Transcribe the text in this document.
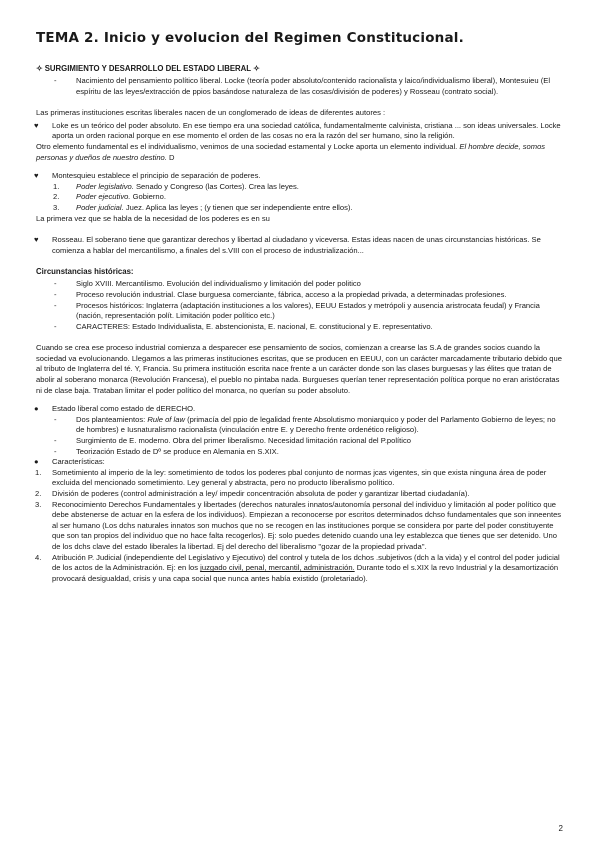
TEMA 2. Inicio y evolucion del Regimen Constitucional.

✧ SURGIMIENTO Y DESARROLLO DEL ESTADO LIBERAL ✧

-	Nacimiento del pensamiento político liberal. Locke (teoría poder absoluto/contenido racionalista y laico/individualismo liberal), Montesuieu (El espíritu de las leyes/extracción de ppios basándose naturaleza de las cosas/división de poderes) y Rosseau (contrato social).

Las primeras instituciones escritas liberales nacen de un conglomerado de ideas de diferentes autores :

♥ Loke es un teórico del poder absoluto. En ese tiempo era una sociedad católica, fundamentalmente calvinista, cristiana ... son ideas universales. Locke aporta un orden racional porque en ese momento el orden de las cosas no era la razón del ser humano, sino la religión.

Otro elemento fundamental es el individualismo, venimos de una sociedad estamental y Locke aporta un elemento individual. El hombre decide, somos personas y dueños de nuestro destino. D

♥ Montesquieu establece el principio de separación de poderes.
1. Poder legislativo. Senado y Congreso (las Cortes). Crea las leyes.
2. Poder ejecutivo. Gobierno.
3. Poder judicial. Juez. Aplica las leyes ; (y tienen que ser independiente entre ellos).

La primera vez que se habla de la necesidad de los poderes es en su

♥ Rosseau. El soberano tiene que garantizar derechos y libertad al ciudadano y viceversa. Estas ideas nacen de unas circunstancias históricas. Se comienza a hablar del mercantilismo, a finales del s.VIII con el proceso de industrialización...

Circunstancias históricas:

-	Siglo XVIII. Mercantilismo. Evolución del individualismo y limitación del poder politico
-	Proceso revolución industrial. Clase burguesa comerciante, fábrica, acceso a la propiedad privada, a determinadas profesiones.
-	Procesos históricos: Inglaterra (adaptación instituciones a los valores), EEUU Estados y metrópoli y ausencia aristrocata feudal) y Francia (nación, representación polít. Limitación poder político etc.)
-	CARACTERES: Estado Individualista, E. abstencionista, E. nacional, E. constitucional y E. representativo.

Cuando se crea ese proceso industrial comienza a desparecer ese pensamiento de socios, comienzan a crearse las S.A de grandes socios cuando la sociedad va evolucionando. Llegamos a las primeras instituciones escritas, que se producen en EEUU, con un carácter marcadamente tributario debido que al tributo de Inglaterra del té. Y, Francia. Su primera institución escrita nace frente a un carácter donde son las clases burguesas y las élites que tratan de abolir al soberano monarca (Revolución Francesa), el pueblo no pintaba nada. Burgueses querían tener representación política porque no eran aristócratas ni de clase baja. Trataban limitar el poder político del monarca, no querían su poder absoluto.

● Estado liberal como estado de dERECHO.
-	Dos planteamientos: Rule of law (primacía del ppio de legalidad frente Absolutismo moniarquico y poder del Parlamento Gobierno de leyes; no de hombres) e Iusnaturalismo racionalista (vinculación entre E. y Derecho frente ordenético religioso).
-	Surgimiento de E. moderno. Obra del primer liberalismo. Necesidad limitación racional del P.político
-	Teorización Estado de Dº se produce en Alemania en S.XIX.
● Características:
1. Sometimiento al imperio de la ley: sometimiento de todos los poderes pbal conjunto de normas jcas vigentes, sin que exista ninguna área de poder excluida del mencionado sometimiento. Ley general y abstracta, pero no producto liberalismo político.
2. División de poderes (control administración a ley/ impedir concentración absoluta de poder y garantizar libertad ciudadanía).
3. Reconocimiento Derechos Fundamentales y libertades (derechos naturales innatos/autonomía personal del individuo y limitación al poder político que debe abstenerse de actuar en la esfera de los individuos). Empiezan a reconocerse por escritos determinados dchso fundamentales que son inneentes al ser humano (Los dchs naturales innatos son muchos que no se recogen en las instituciones porque se considera por parte del poder constituyente que son tan propios del individuo que no hace falta recogerlos). Ej: solo puedes detenido cuando una ley establezca que tienes que ser detenido. Uno de los dchs clave del estado liberales la libertad. Ej del derecho del liberalismo ''gozar de la propiedad privada''.
4. Atribución P. Judicial (independiente del Legislativo y Ejecutivo) del control y tutela de los dchos .subjetivos (dch a la vida) y el control del poder judicial de los actos de la Administración. Ej: en los juzgado civil, penal, mercantil, administración. Durante todo el s.XIX la revo Industrial y la desamortización provocará desigualdad, crisis y una capa social que nunca antes había existido (proletariado).
2
